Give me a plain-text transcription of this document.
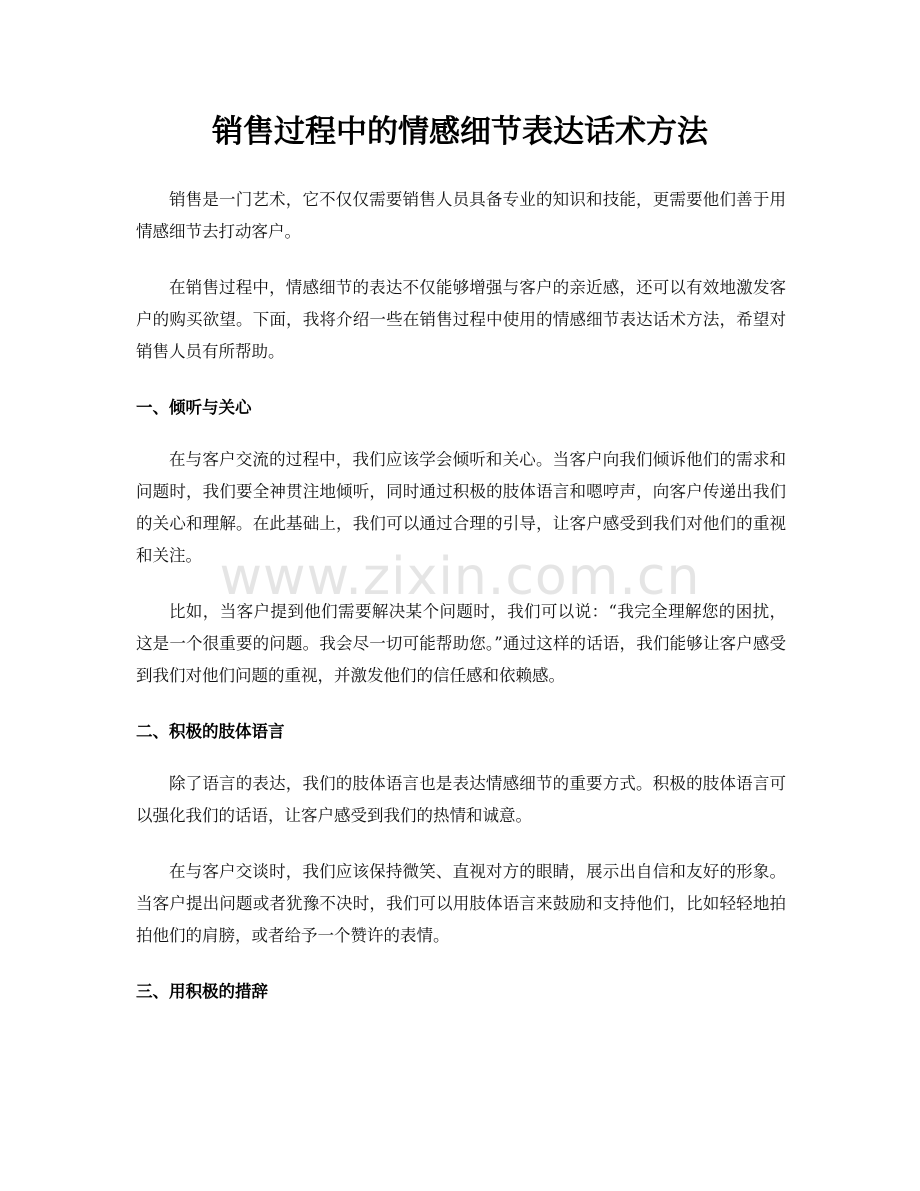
销售过程中的情感细节表达话术方法

销售是一门艺术，它不仅仅需要销售人员具备专业的知识和技能，更需要他们善于用情感细节去打动客户。

在销售过程中，情感细节的表达不仅能够增强与客户的亲近感，还可以有效地激发客户的购买欲望。下面，我将介绍一些在销售过程中使用的情感细节表达话术方法，希望对销售人员有所帮助。

一、倾听与关心

在与客户交流的过程中，我们应该学会倾听和关心。当客户向我们倾诉他们的需求和问题时，我们要全神贯注地倾听，同时通过积极的肢体语言和嗯哼声，向客户传递出我们的关心和理解。在此基础上，我们可以通过合理的引导，让客户感受到我们对他们的重视和关注。

比如，当客户提到他们需要解决某个问题时，我们可以说：“我完全理解您的困扰，这是一个很重要的问题。我会尽一切可能帮助您。”通过这样的话语，我们能够让客户感受到我们对他们问题的重视，并激发他们的信任感和依赖感。

二、积极的肢体语言

除了语言的表达，我们的肢体语言也是表达情感细节的重要方式。积极的肢体语言可以强化我们的话语，让客户感受到我们的热情和诚意。

在与客户交谈时，我们应该保持微笑、直视对方的眼睛，展示出自信和友好的形象。当客户提出问题或者犹豫不决时，我们可以用肢体语言来鼓励和支持他们，比如轻轻地拍拍他们的肩膀，或者给予一个赞许的表情。

三、用积极的措辞
www.zixin.com.cn
